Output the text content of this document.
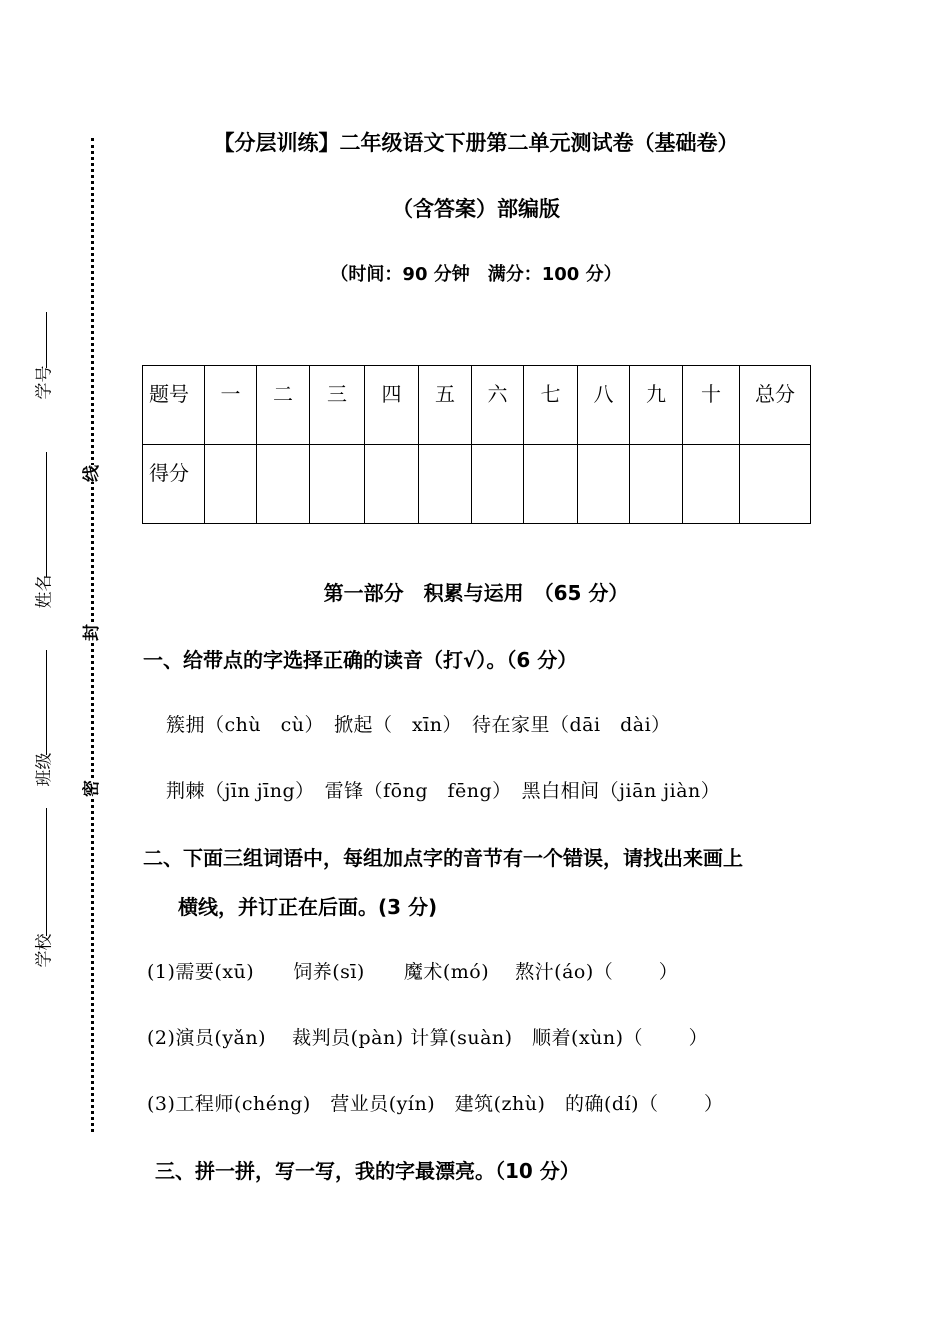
线
封
密
学号
姓名
班级
学校
【分层训练】二年级语文下册第二单元测试卷（基础卷）
（含答案）部编版
（时间：90 分钟　满分：100 分）
题号	一	二	三	四	五	六	七	八	九	十	总分
得分											
第一部分　积累与运用　（65 分）
一、给带点的字选择正确的读音（打√）。（6 分）
簇拥（chù　cù）　掀起（　xīn）　待在家里（dāi　dài）
荆棘（jīn jīng）　雷锋（fōng　fēng）　黑白相间（jiān jiàn）
二、下面三组词语中，每组加点字的音节有一个错误，请找出来画上
横线，并订正在后面。(3 分)
(1)需要(xū)　　饲养(sī)　　魔术(mó)　 熬汁(áo)（　　 ）
(2)演员(yǎn)　 裁判员(pàn) 计算(suàn)　顺着(xùn)（　　 ）
(3)工程师(chéng)　营业员(yín)　建筑(zhù)　的确(dí)（　　 ）
三、拼一拼，写一写，我的字最漂亮。（10 分）
